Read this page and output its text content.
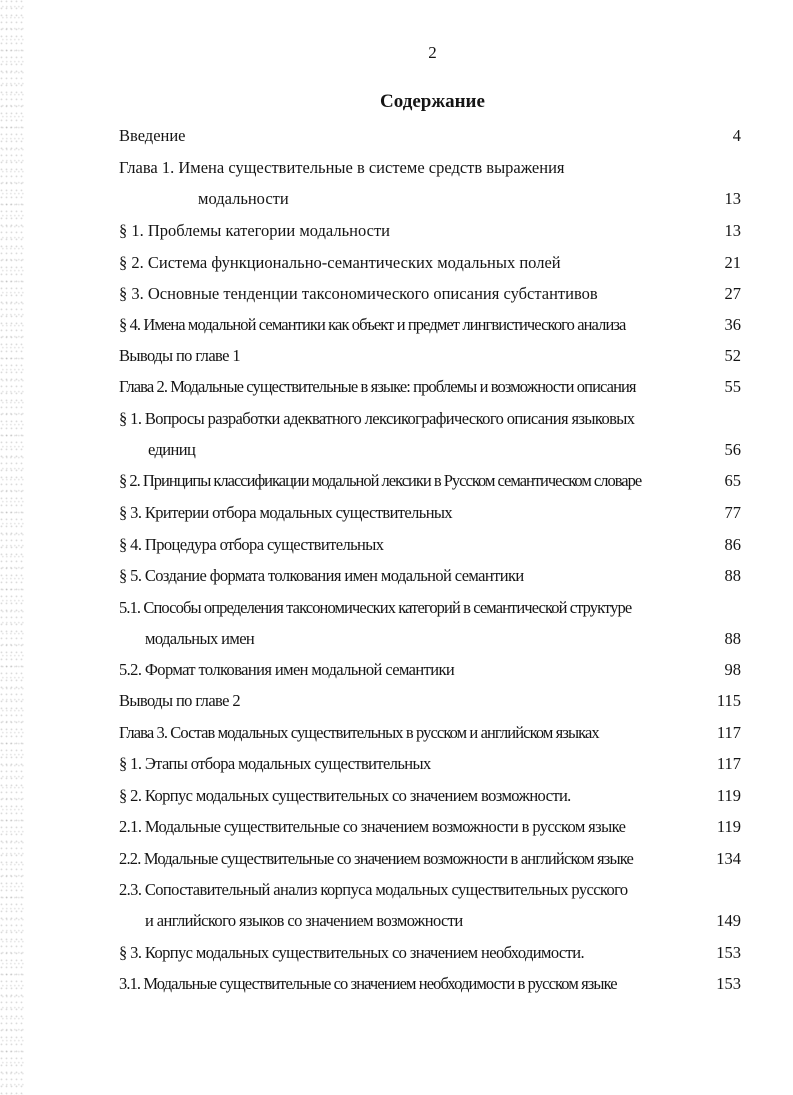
2
Содержание
Введение	4
Глава 1. Имена существительные в системе средств выражения
модальности	13
§ 1. Проблемы категории модальности	13
§ 2. Система функционально-семантических модальных полей	21
§ 3. Основные тенденции таксономического описания субстантивов	27
§ 4. Имена модальной семантики как объект и предмет лингвистического анализа	36
Выводы по главе 1	52
Глава 2. Модальные существительные в языке: проблемы и возможности описания	55
§ 1. Вопросы разработки адекватного лексикографического описания языковых
единиц	56
§ 2. Принципы классификации модальной лексики в Русском семантическом словаре	65
§ 3. Критерии отбора модальных существительных	77
§ 4. Процедура отбора существительных	86
§ 5. Создание формата толкования имен модальной семантики	88
5.1. Способы определения таксономических категорий в семантической структуре
модальных имен	88
5.2. Формат толкования имен модальной семантики	98
Выводы по главе 2	115
Глава 3. Состав модальных существительных в русском и английском языках	117
§ 1. Этапы отбора модальных существительных	117
§ 2. Корпус модальных существительных со значением возможности.	119
2.1. Модальные существительные со значением возможности в русском языке	119
2.2. Модальные существительные со значением возможности в английском языке	134
2.3. Сопоставительный анализ корпуса модальных существительных русского
и английского языков со значением возможности	149
§ 3. Корпус модальных существительных со значением необходимости.	153
3.1. Модальные существительные со значением необходимости в русском языке	153
